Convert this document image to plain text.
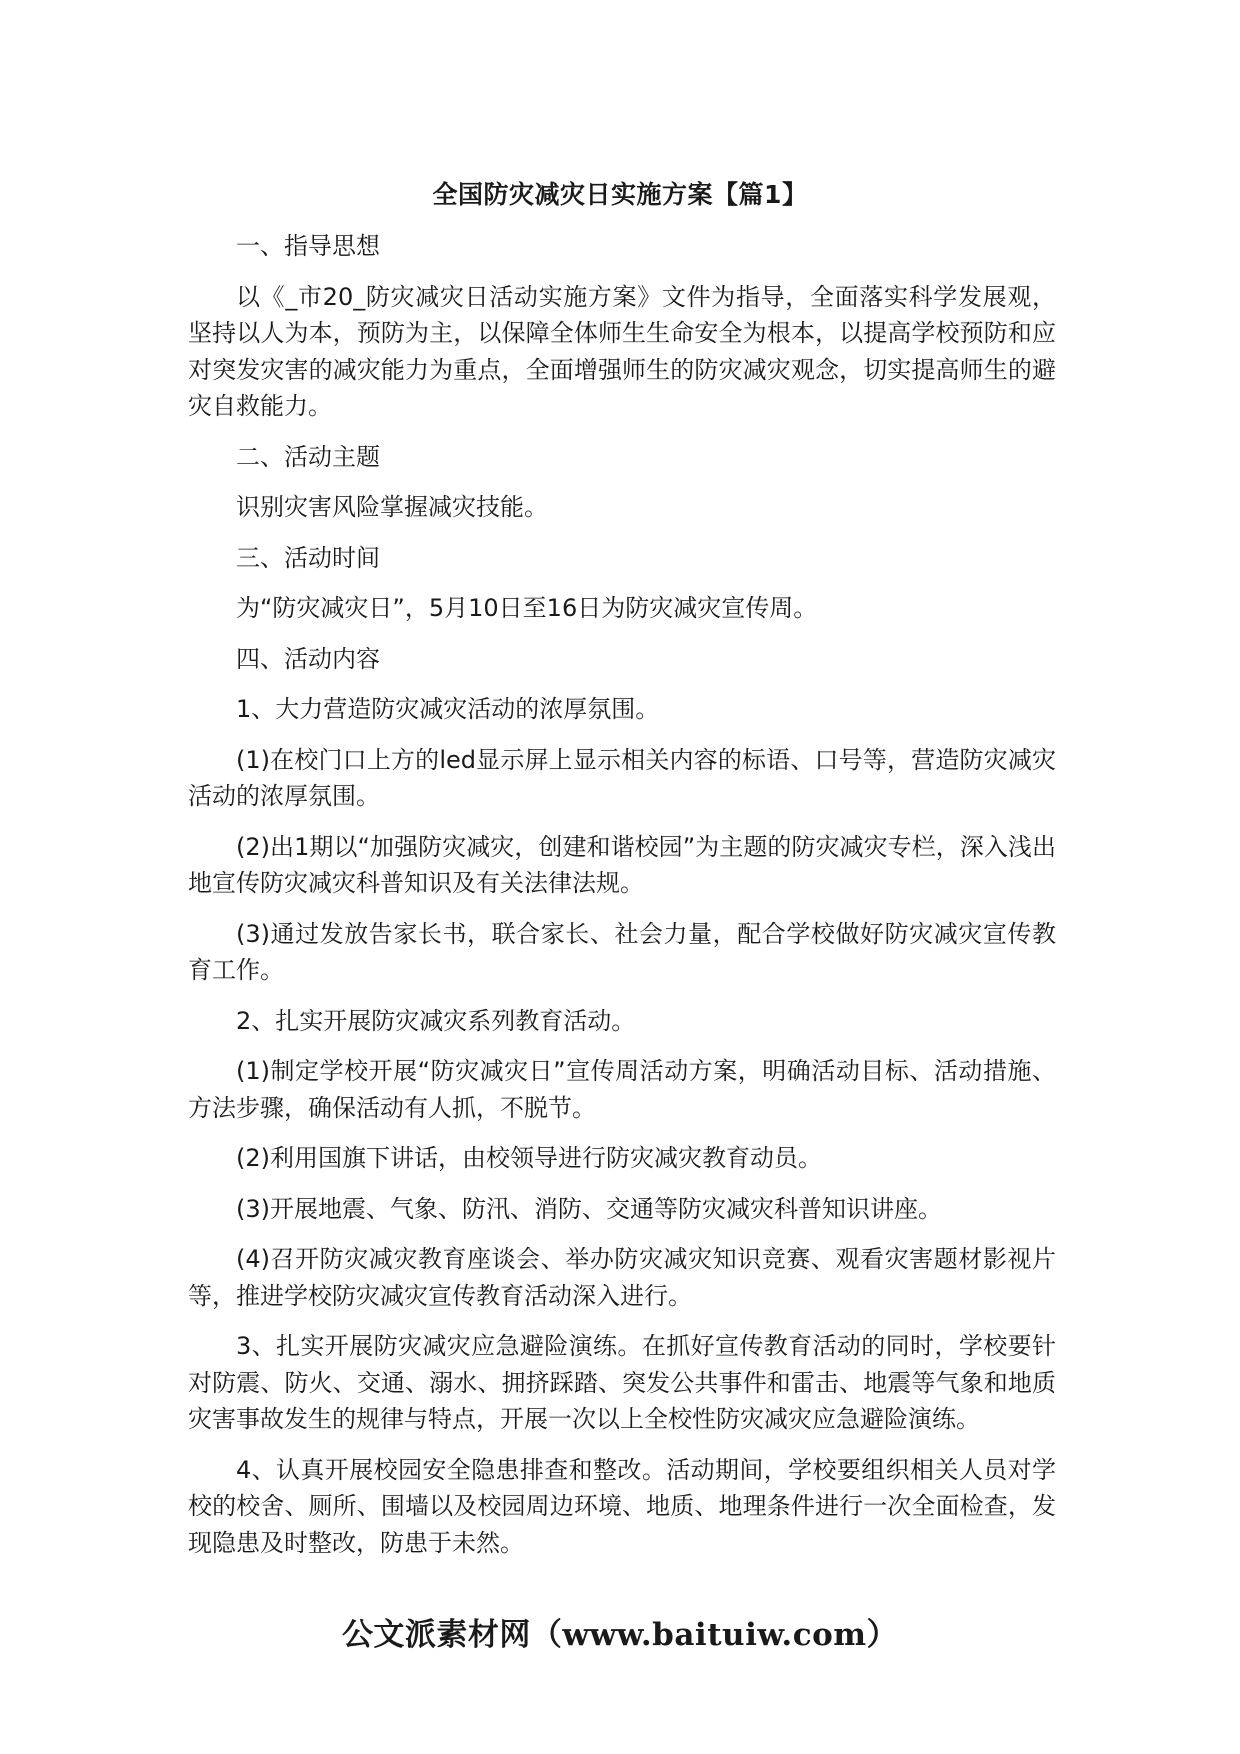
全国防灾减灾日实施方案【篇1】

一、指导思想

以《_市20_防灾减灾日活动实施方案》文件为指导，全面落实科学发展观，坚持以人为本，预防为主，以保障全体师生生命安全为根本，以提高学校预防和应对突发灾害的减灾能力为重点，全面增强师生的防灾减灾观念，切实提高师生的避灾自救能力。

二、活动主题

识别灾害风险掌握减灾技能。

三、活动时间

为“防灾减灾日”，5月10日至16日为防灾减灾宣传周。

四、活动内容

1、大力营造防灾减灾活动的浓厚氛围。

(1)在校门口上方的led显示屏上显示相关内容的标语、口号等，营造防灾减灾活动的浓厚氛围。

(2)出1期以“加强防灾减灾，创建和谐校园”为主题的防灾减灾专栏，深入浅出地宣传防灾减灾科普知识及有关法律法规。

(3)通过发放告家长书，联合家长、社会力量，配合学校做好防灾减灾宣传教育工作。

2、扎实开展防灾减灾系列教育活动。

(1)制定学校开展“防灾减灾日”宣传周活动方案，明确活动目标、活动措施、方法步骤，确保活动有人抓，不脱节。

(2)利用国旗下讲话，由校领导进行防灾减灾教育动员。

(3)开展地震、气象、防汛、消防、交通等防灾减灾科普知识讲座。

(4)召开防灾减灾教育座谈会、举办防灾减灾知识竞赛、观看灾害题材影视片等，推进学校防灾减灾宣传教育活动深入进行。

3、扎实开展防灾减灾应急避险演练。在抓好宣传教育活动的同时，学校要针对防震、防火、交通、溺水、拥挤踩踏、突发公共事件和雷击、地震等气象和地质灾害事故发生的规律与特点，开展一次以上全校性防灾减灾应急避险演练。

4、认真开展校园安全隐患排查和整改。活动期间，学校要组织相关人员对学校的校舍、厕所、围墙以及校园周边环境、地质、地理条件进行一次全面检查，发现隐患及时整改，防患于未然。

公文派素材网（www.baituiw.com）
